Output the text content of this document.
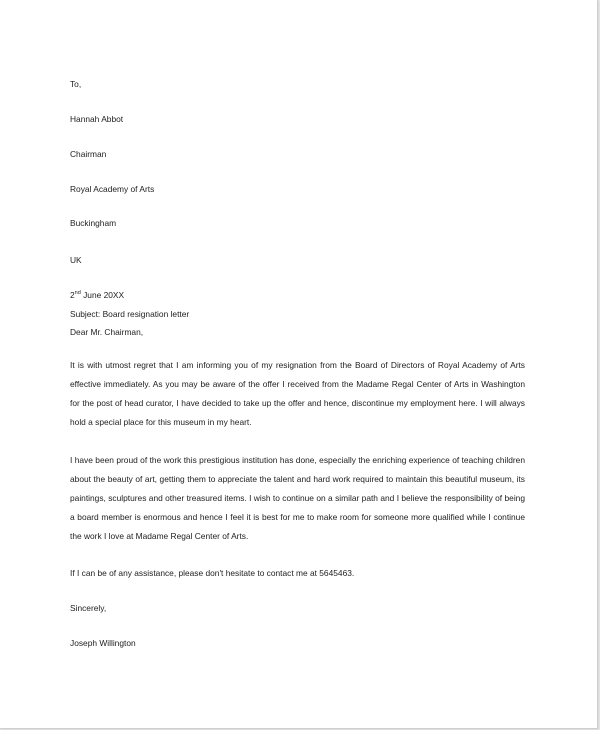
To,
Hannah Abbot
Chairman
Royal Academy of Arts
Buckingham
UK
2nd June 20XX
Subject: Board resignation letter
Dear Mr. Chairman,
It is with utmost regret that I am informing you of my resignation from the Board of Directors of Royal Academy of Arts effective immediately. As you may be aware of the offer I received from the Madame Regal Center of Arts in Washington for the post of head curator, I have decided to take up the offer and hence, discontinue my employment here. I will always hold a special place for this museum in my heart.
I have been proud of the work this prestigious institution has done, especially the enriching experience of teaching children about the beauty of art, getting them to appreciate the talent and hard work required to maintain this beautiful museum, its paintings, sculptures and other treasured items. I wish to continue on a similar path and I believe the responsibility of being a board member is enormous and hence I feel it is best for me to make room for someone more qualified while I continue the work I love at Madame Regal Center of Arts.
If I can be of any assistance, please don't hesitate to contact me at 5645463.
Sincerely,
Joseph Willington
